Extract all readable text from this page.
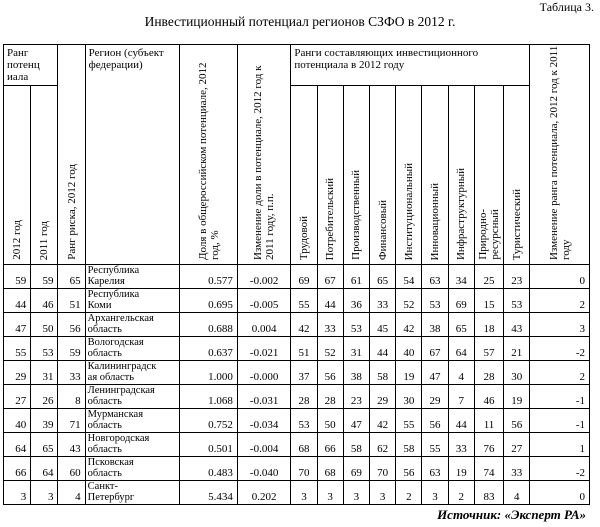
Таблица 3.
Инвестиционный потенциал регионов СЗФО в 2012 г.
Ранг потенц иала		Ранг риска, 2012 год	Регион (субъект федерации)	Доля в общероссийском потенциале, 2012 год, %	Изменение доли в потенциале, 2012 год к 2011 году, п.п.	Ранги составляющих инвестиционного потенциала в 2012 году									Изменение ранга потенциала, 2012 год к 2011 году

2012 год	2011 год					Трудовой	Потребительский	Производственный	Финансовый	Институциональный	Инновационный	Инфраструктурный	Природно-
ресурсный	Туристический	

59	59	65	Республика
Карелия	0.577	-0.002	69	67	61	65	54	63	34	25	23	0
44	46	51	Республика
Коми	0.695	-0.005	55	44	36	33	52	53	69	15	53	2
47	50	56	Архангельская
область	0.688	0.004	42	33	53	45	42	38	65	18	43	3
55	53	59	Вологодская
область	0.637	-0.021	51	52	31	44	40	67	64	57	21	-2
29	31	33	Калининградск
ая область	1.000	-0.000	37	56	38	58	19	47	4	28	30	2
27	26	8	Ленинградская
область	1.068	-0.031	28	28	23	29	30	29	7	46	19	-1
40	39	71	Мурманская
область	0.752	-0.034	53	50	47	42	55	56	44	11	56	-1
64	65	43	Новгородская
область	0.501	-0.004	68	66	58	62	58	55	33	76	27	1
66	64	60	Псковская
область	0.483	-0.040	70	68	69	70	56	63	19	74	33	-2
3	3	4	Санкт-
Петербург	5.434	0.202	3	3	3	3	2	3	2	83	4	0
Источник: «Эксперт РА»
